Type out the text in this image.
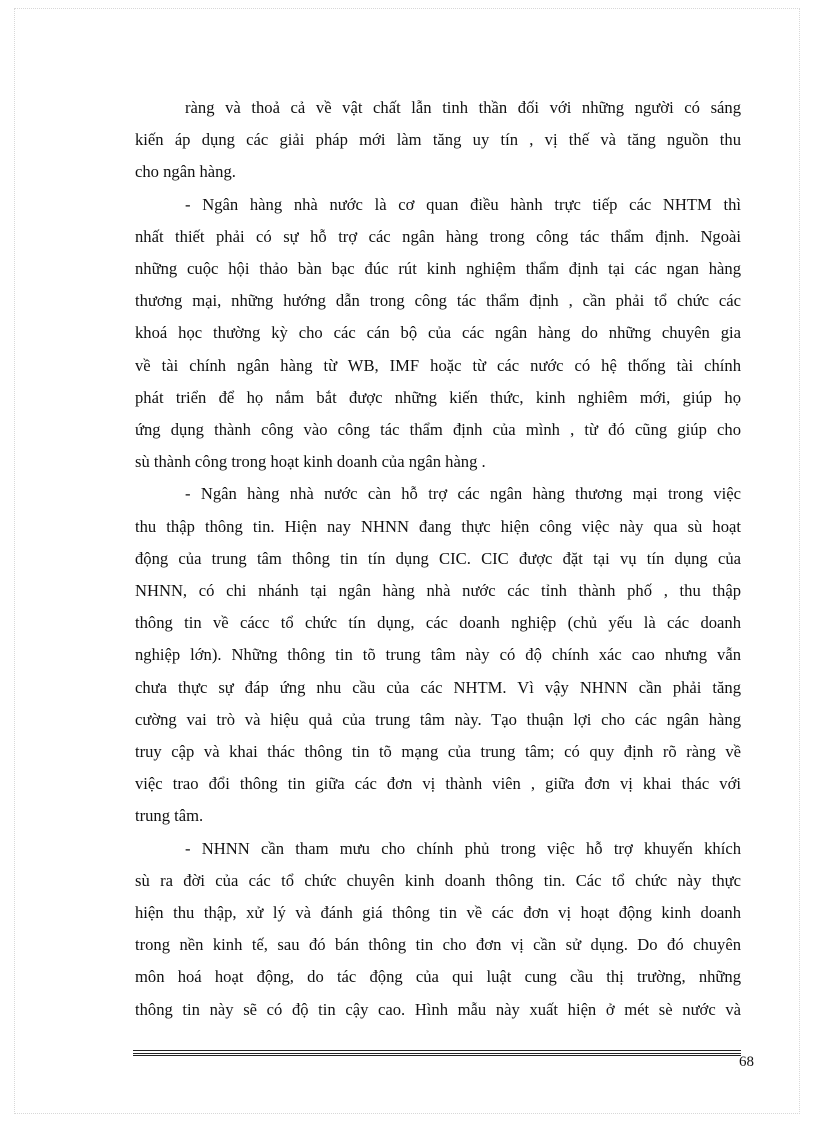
ràng và thoả cả về vật chất lẫn tinh thần đối với những người có sáng
kiến áp dụng các giải pháp mới làm tăng uy tín , vị thế và tăng nguồn thu
cho ngân hàng.
- Ngân hàng nhà nước là cơ quan điều hành trực tiếp các NHTM thì
nhất thiết phải có sự hỗ trợ các ngân hàng trong công tác thẩm định. Ngoài
những cuộc hội thảo bàn bạc đúc rút kinh nghiệm thẩm định tại các ngan hàng
thương mại, những hướng dẫn trong công tác thẩm định , cần phải tổ chức các
khoá học thường kỳ cho các cán bộ của các ngân hàng do những chuyên gia
về tài chính ngân hàng từ WB, IMF hoặc từ các nước có hệ thống tài chính
phát triển để họ nắm bắt được những kiến thức, kinh nghiêm mới, giúp họ
ứng dụng thành công vào công tác thẩm định của mình , từ đó cũng giúp cho
sù thành công trong hoạt kinh doanh của ngân hàng .
- Ngân hàng nhà nước càn hỗ trợ các ngân hàng thương mại trong việc
thu thập thông tin. Hiện nay NHNN đang thực hiện công việc này qua sù hoạt
động của trung tâm thông tin tín dụng CIC. CIC được đặt tại vụ tín dụng của
NHNN, có chi nhánh tại ngân hàng nhà nước các tỉnh thành phố , thu thập
thông tin về cácc tổ chức tín dụng, các doanh nghiệp (chủ yếu là các doanh
nghiệp lớn). Những thông tin tõ trung tâm này có độ chính xác cao nhưng vẫn
chưa thực sự đáp ứng nhu cầu của các NHTM. Vì vậy NHNN cần phải tăng
cường vai trò và hiệu quả của trung tâm này. Tạo thuận lợi cho các ngân hàng
truy cập và khai thác thông tin tõ mạng của trung tâm; có quy định rõ ràng về
việc trao đổi thông tin giữa các đơn vị thành viên , giữa đơn vị khai thác với
trung tâm.
- NHNN cần tham mưu cho chính phủ trong việc hỗ trợ khuyến khích
sù ra đời của các tổ chức chuyên kinh doanh thông tin. Các tổ chức này thực
hiện thu thập, xử lý và đánh giá thông tin về các đơn vị hoạt động kinh doanh
trong nền kinh tế, sau đó bán thông tin cho đơn vị cần sử dụng. Do đó chuyên
môn hoá hoạt động, do tác động của qui luật cung cầu thị trường, những
thông tin này sẽ có độ tin cậy cao. Hình mẫu này xuất hiện ở mét sè nước và
68
